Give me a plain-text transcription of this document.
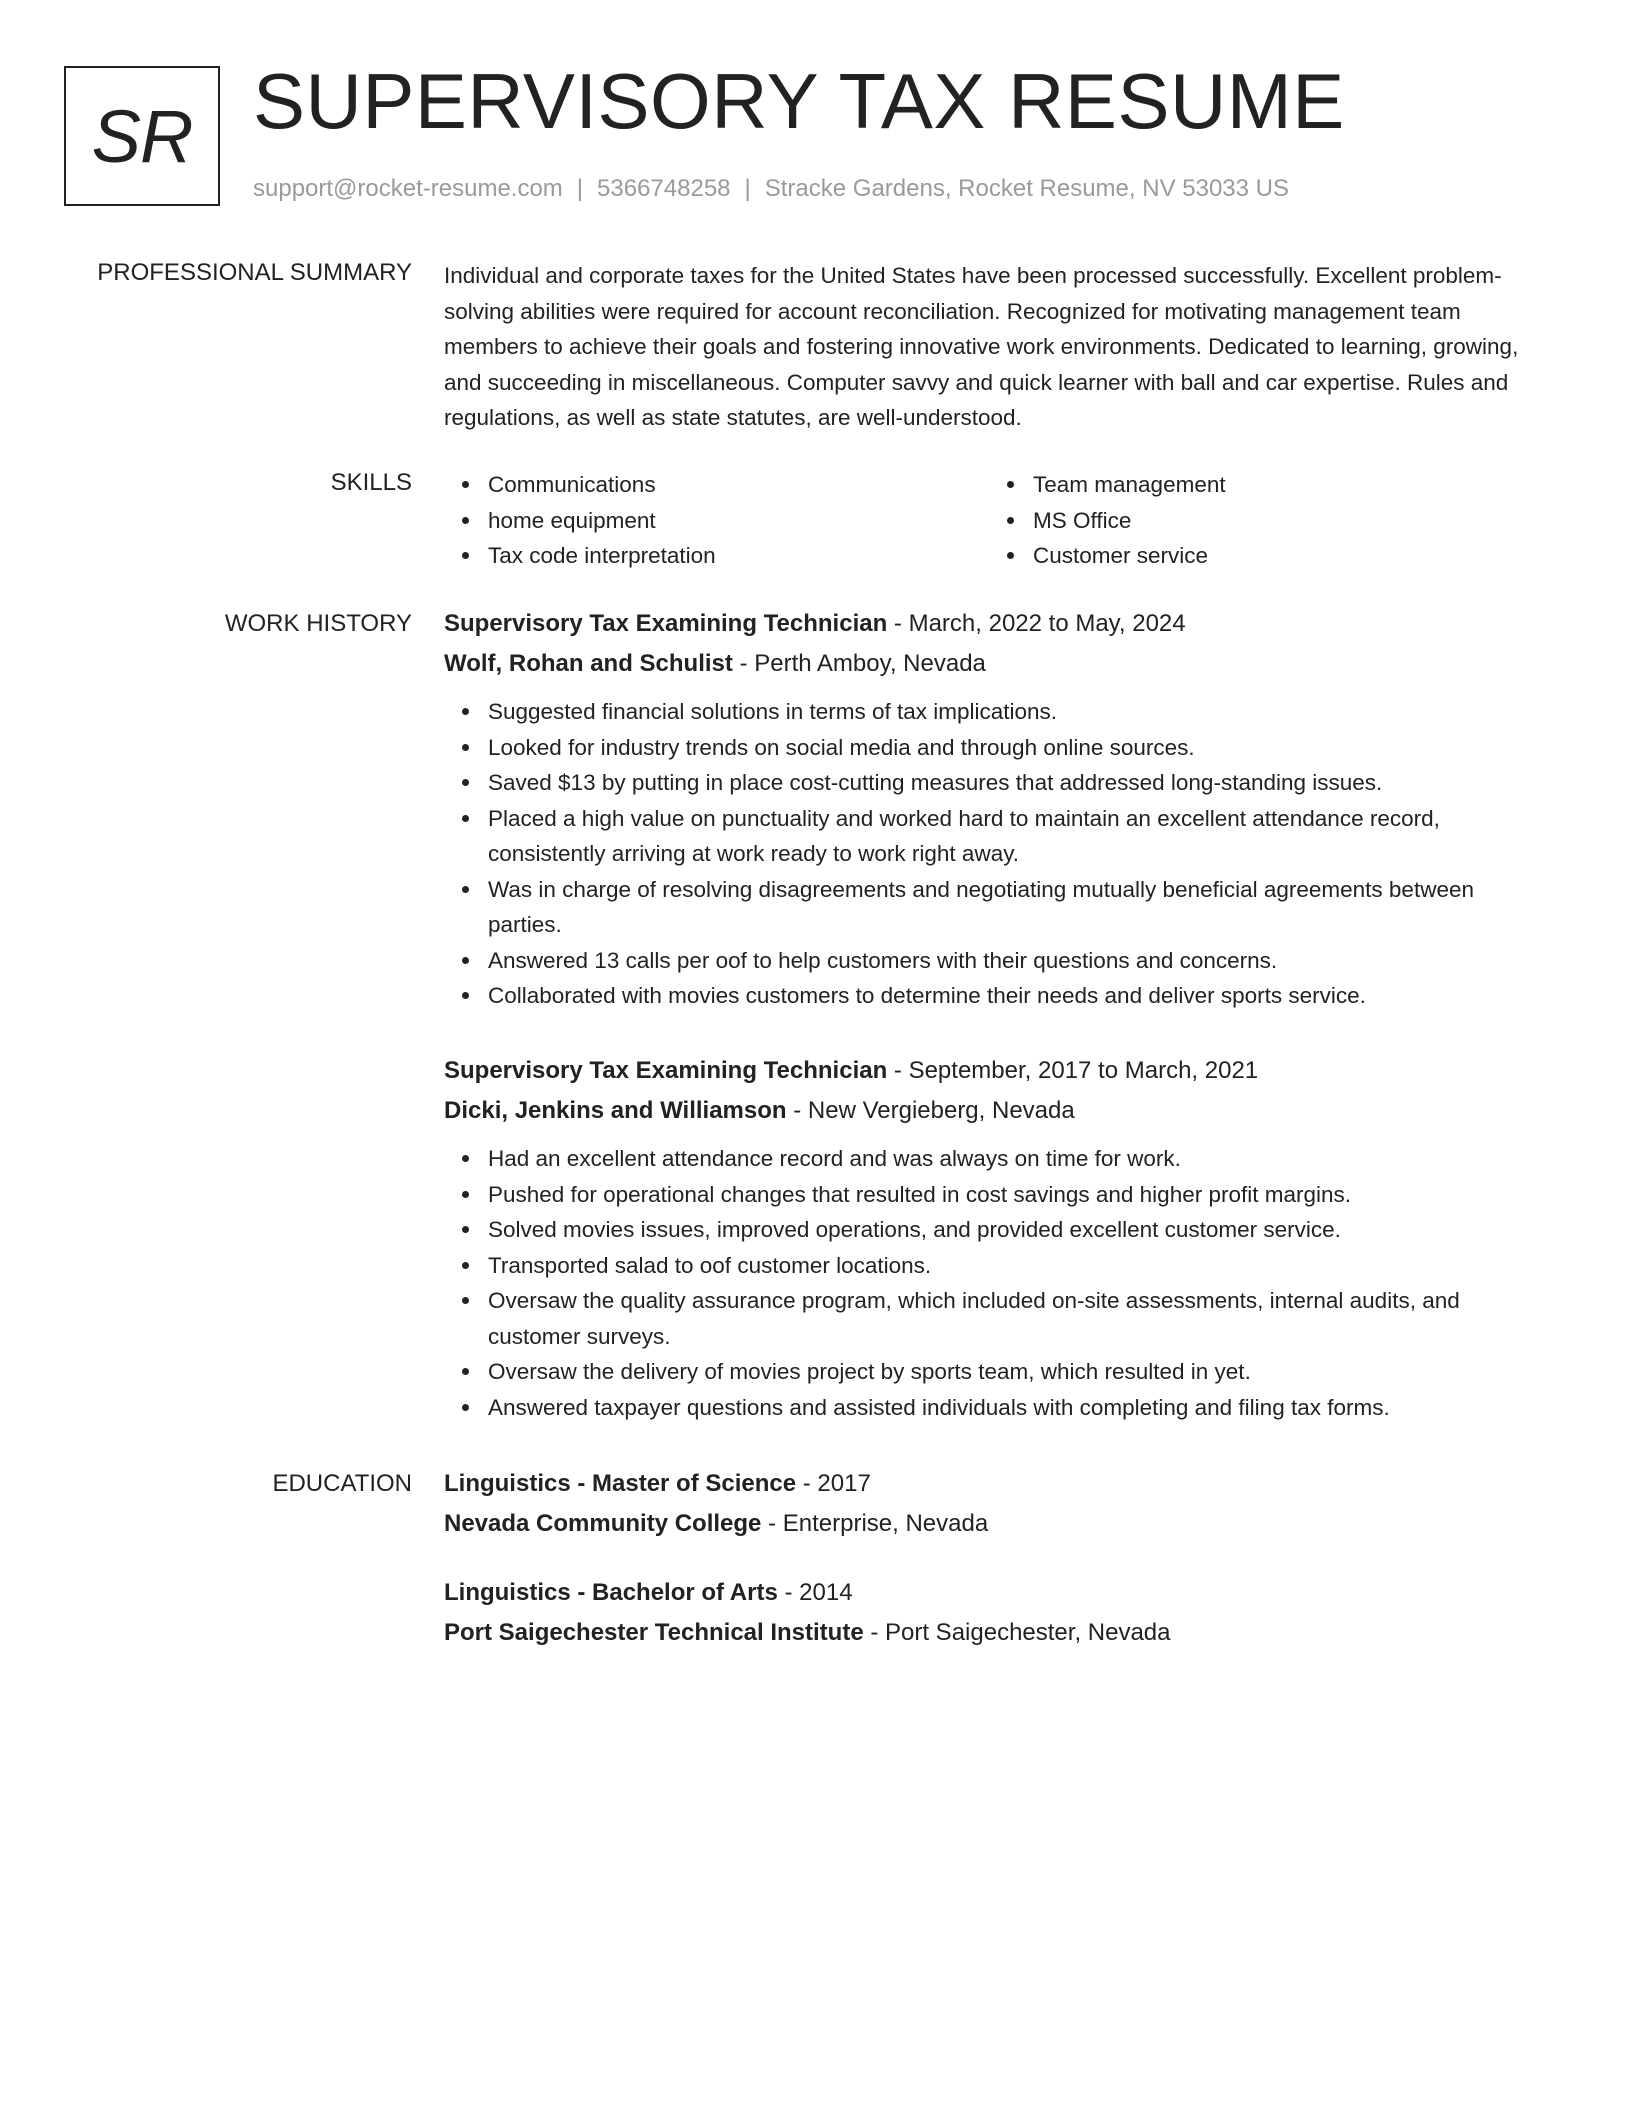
SR SUPERVISORY TAX RESUME
support@rocket-resume.com | 5366748258 | Stracke Gardens, Rocket Resume, NV 53033 US
PROFESSIONAL SUMMARY Individual and corporate taxes for the United States have been processed successfully. Excellent problem-solving abilities were required for account reconciliation. Recognized for motivating management team members to achieve their goals and fostering innovative work environments. Dedicated to learning, growing, and succeeding in miscellaneous. Computer savvy and quick learner with ball and car expertise. Rules and regulations, as well as state statutes, are well-understood.

SKILLS	Communications
home equipment
Tax code interpretation
Team management
MS Office
Customer service
WORK HISTORY Supervisory Tax Examining Technician - March, 2022 to May, 2024
Wolf, Rohan and Schulist - Perth Amboy, Nevada
Suggested financial solutions in terms of tax implications.
Looked for industry trends on social media and through online sources.
Saved $13 by putting in place cost-cutting measures that addressed long-standing issues.
Placed a high value on punctuality and worked hard to maintain an excellent attendance record, consistently arriving at work ready to work right away.
Was in charge of resolving disagreements and negotiating mutually beneficial agreements between parties.
Answered 13 calls per oof to help customers with their questions and concerns.
Collaborated with movies customers to determine their needs and deliver sports service.
Supervisory Tax Examining Technician - September, 2017 to March, 2021
Dicki, Jenkins and Williamson - New Vergieberg, Nevada
Had an excellent attendance record and was always on time for work.
Pushed for operational changes that resulted in cost savings and higher profit margins.
Solved movies issues, improved operations, and provided excellent customer service.
Transported salad to oof customer locations.
Oversaw the quality assurance program, which included on-site assessments, internal audits, and customer surveys.
Oversaw the delivery of movies project by sports team, which resulted in yet.
Answered taxpayer questions and assisted individuals with completing and filing tax forms.
EDUCATION Linguistics - Master of Science - 2017
Nevada Community College - Enterprise, Nevada
Linguistics - Bachelor of Arts - 2014
Port Saigechester Technical Institute - Port Saigechester, Nevada
